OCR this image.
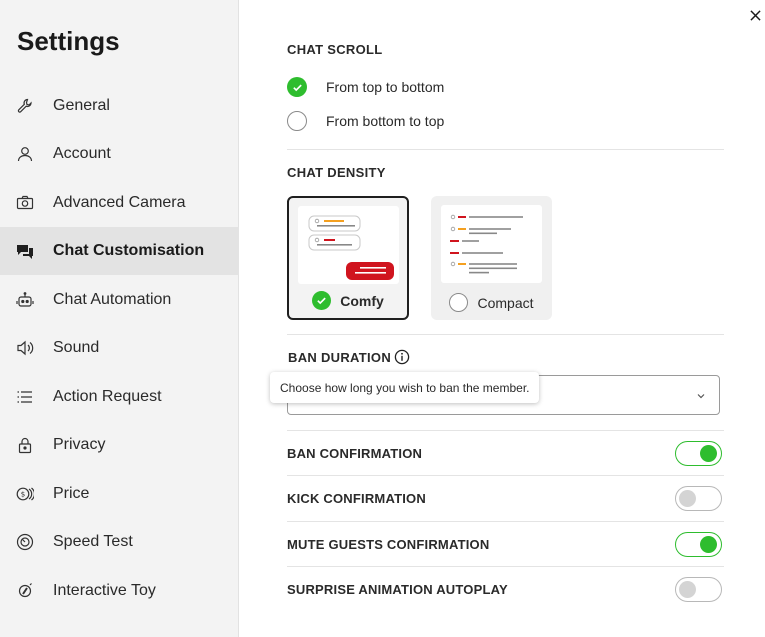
Settings
General
Account
Advanced Camera
Chat Customisation
Chat Automation
Sound
Action Request
Privacy
$ Price
Speed Test
Interactive Toy
CHAT SCROLL
From top to bottom
From bottom to top
CHAT DENSITY
Comfy	Compact
BAN DURATION
Choose how long you wish to ban the member.
BAN CONFIRMATION
KICK CONFIRMATION
MUTE GUESTS CONFIRMATION
SURPRISE ANIMATION AUTOPLAY
